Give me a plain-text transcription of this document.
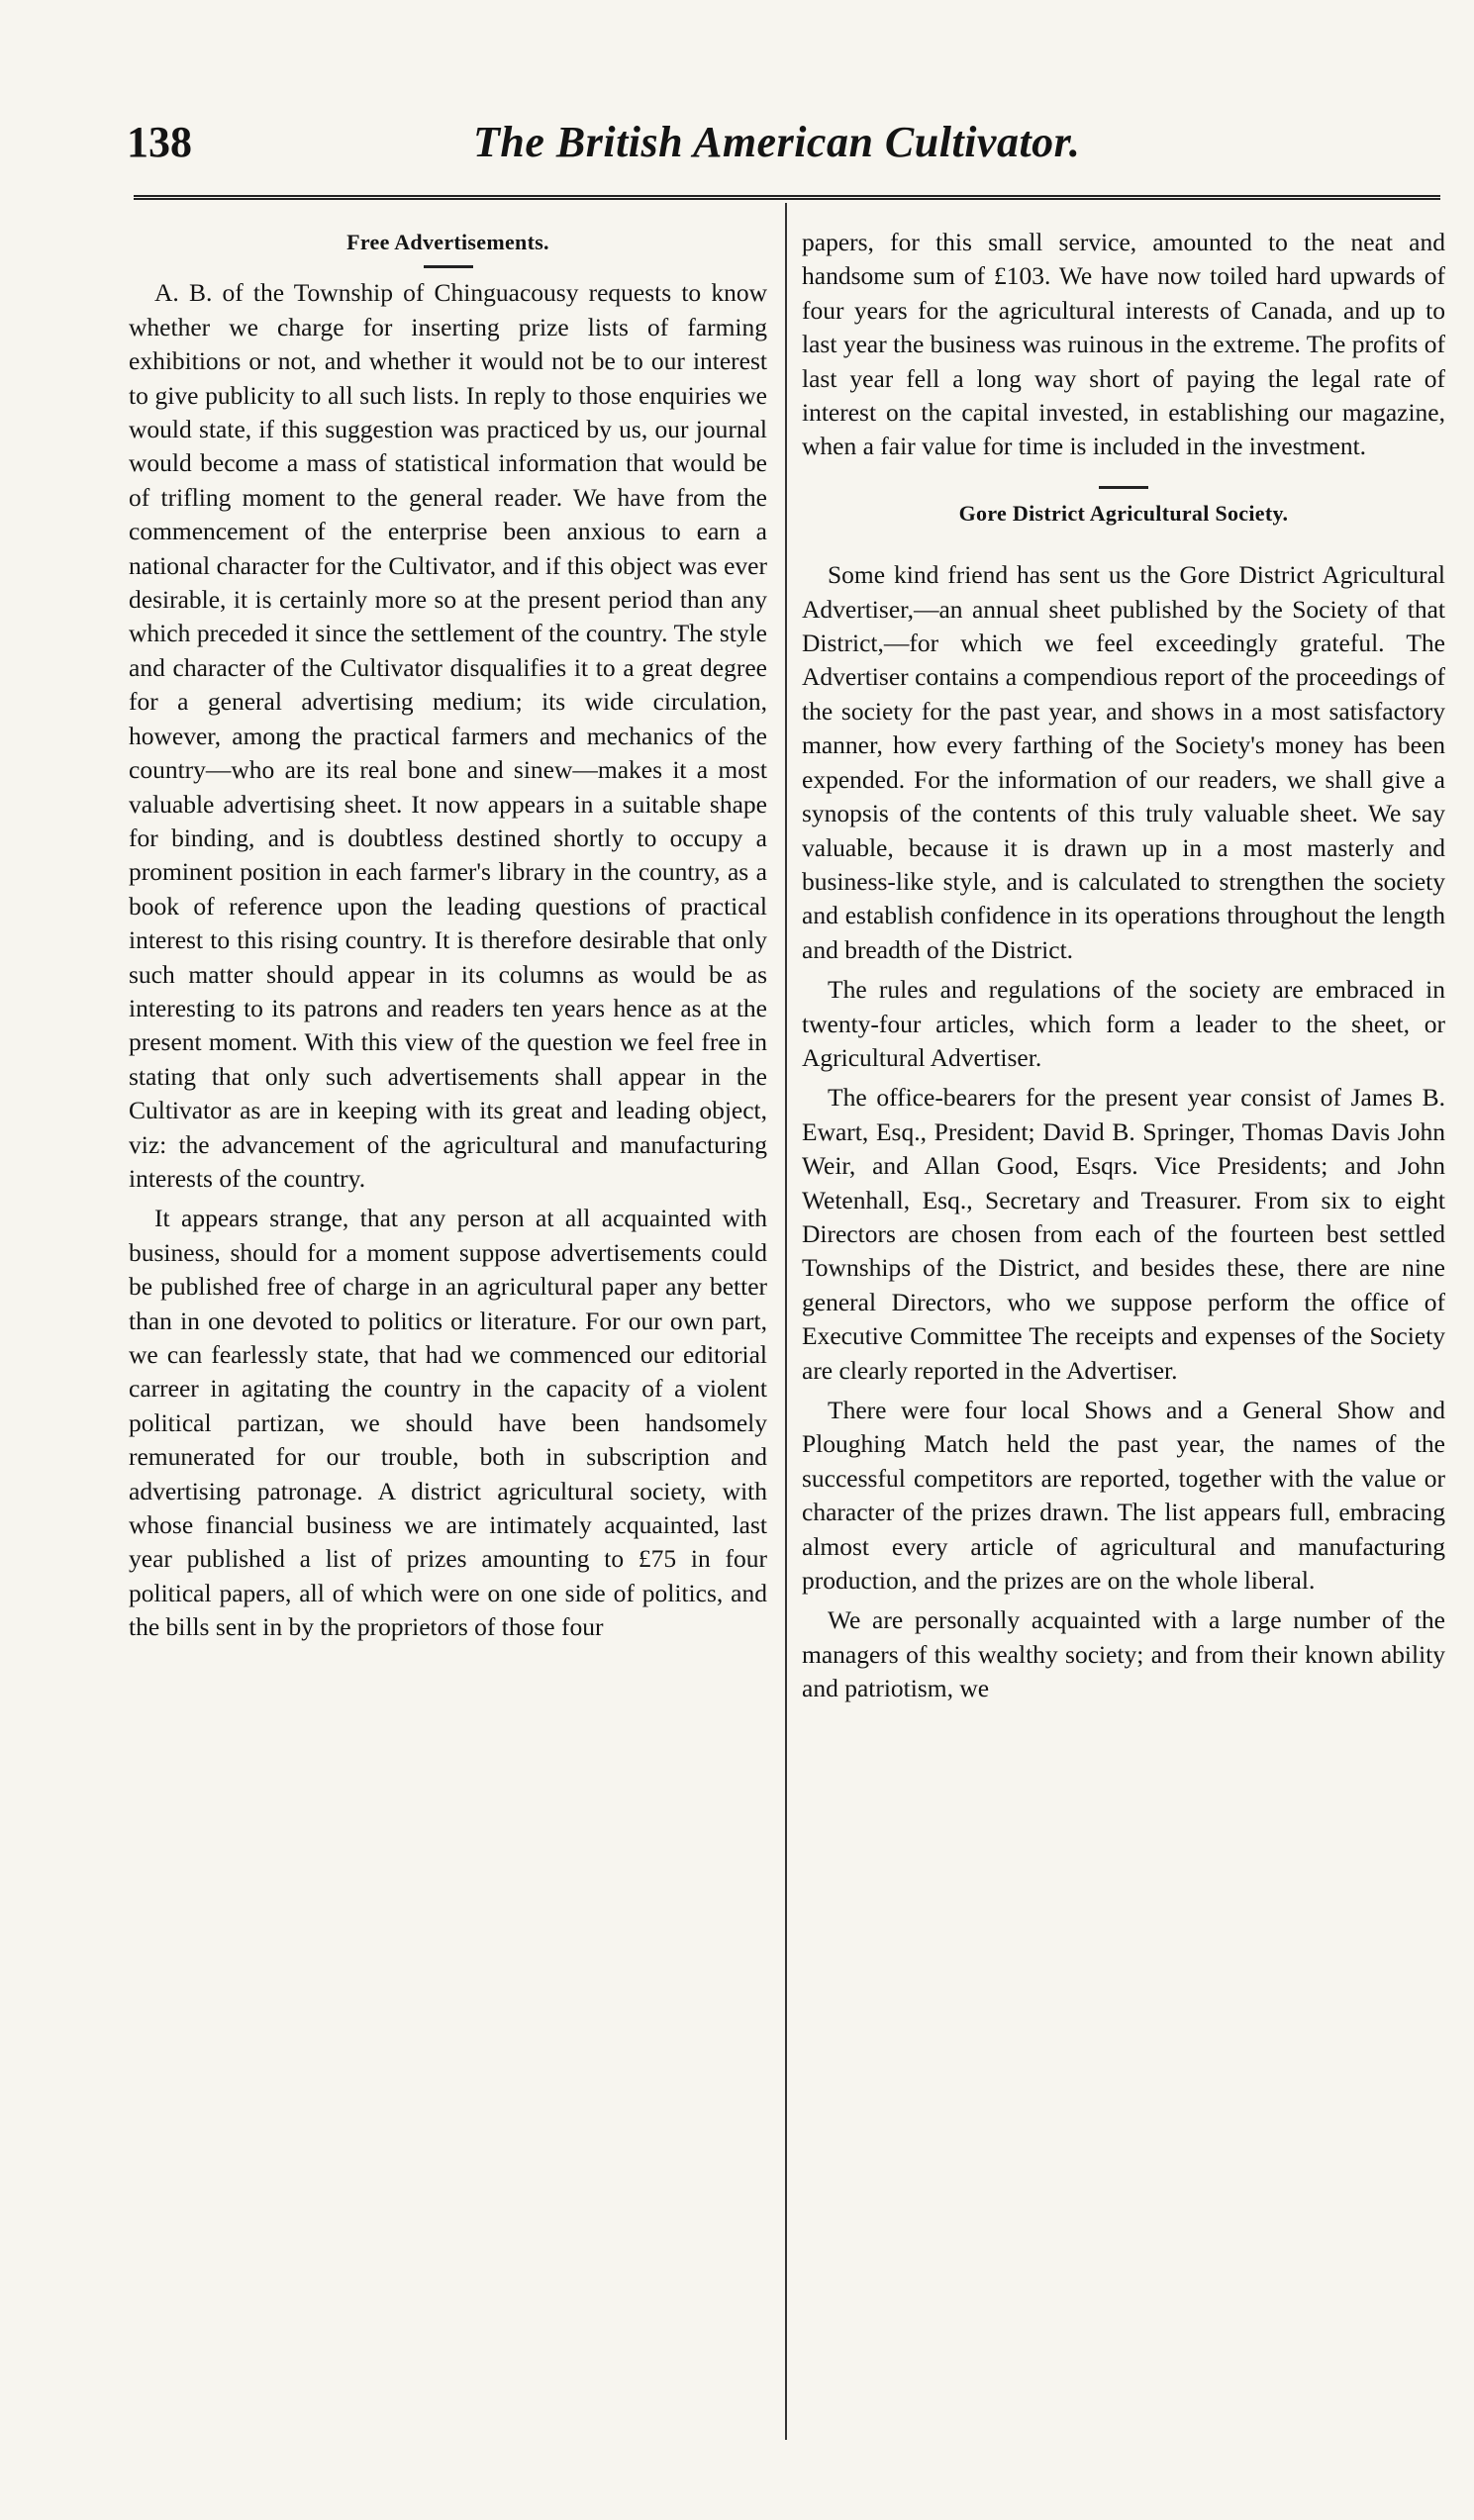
138	The British American Cultivator.
Free Advertisements.

A. B. of the Township of Chinguacousy requests to know whether we charge for inserting prize lists of farming exhibitions or not, and whether it would not be to our interest to give publicity to all such lists. In reply to those enquiries we would state, if this suggestion was practiced by us, our journal would become a mass of statistical information that would be of trifling moment to the general reader. We have from the commencement of the enterprise been anxious to earn a national character for the Cultivator, and if this object was ever desirable, it is certainly more so at the present period than any which preceded it since the settlement of the country. The style and character of the Cultivator disqualifies it to a great degree for a general advertising medium; its wide circulation, however, among the practical farmers and mechanics of the country—who are its real bone and sinew—makes it a most valuable advertising sheet. It now appears in a suitable shape for binding, and is doubtless destined shortly to occupy a prominent position in each farmer's library in the country, as a book of reference upon the leading questions of practical interest to this rising country. It is therefore desirable that only such matter should appear in its columns as would be as interesting to its patrons and readers ten years hence as at the present moment. With this view of the question we feel free in stating that only such advertisements shall appear in the Cultivator as are in keeping with its great and leading object, viz: the advancement of the agricultural and manufacturing interests of the country.

It appears strange, that any person at all acquainted with business, should for a moment suppose advertisements could be published free of charge in an agricultural paper any better than in one devoted to politics or literature. For our own part, we can fearlessly state, that had we commenced our editorial carreer in agitating the country in the capacity of a violent political partizan, we should have been handsomely remunerated for our trouble, both in subscription and advertising patronage. A district agricultural society, with whose financial business we are intimately acquainted, last year published a list of prizes amounting to £75 in four political papers, all of which were on one side of politics, and the bills sent in by the proprietors of those four

papers, for this small service, amounted to the neat and handsome sum of £103. We have now toiled hard upwards of four years for the agricultural interests of Canada, and up to last year the business was ruinous in the extreme. The profits of last year fell a long way short of paying the legal rate of interest on the capital invested, in establishing our magazine, when a fair value for time is included in the investment.

Gore District Agricultural Society.

Some kind friend has sent us the Gore District Agricultural Advertiser,—an annual sheet published by the Society of that District,—for which we feel exceedingly grateful. The Advertiser contains a compendious report of the proceedings of the society for the past year, and shows in a most satisfactory manner, how every farthing of the Society's money has been expended. For the information of our readers, we shall give a synopsis of the contents of this truly valuable sheet. We say valuable, because it is drawn up in a most masterly and business-like style, and is calculated to strengthen the society and establish confidence in its operations throughout the length and breadth of the District.

The rules and regulations of the society are embraced in twenty-four articles, which form a leader to the sheet, or Agricultural Advertiser.

The office-bearers for the present year consist of James B. Ewart, Esq., President; David B. Springer, Thomas Davis John Weir, and Allan Good, Esqrs. Vice Presidents; and John Wetenhall, Esq., Secretary and Treasurer. From six to eight Directors are chosen from each of the fourteen best settled Townships of the District, and besides these, there are nine general Directors, who we suppose perform the office of Executive Committee The receipts and expenses of the Society are clearly reported in the Advertiser.

There were four local Shows and a General Show and Ploughing Match held the past year, the names of the successful competitors are reported, together with the value or character of the prizes drawn. The list appears full, embracing almost every article of agricultural and manufacturing production, and the prizes are on the whole liberal.

We are personally acquainted with a large number of the managers of this wealthy society; and from their known ability and patriotism, we
